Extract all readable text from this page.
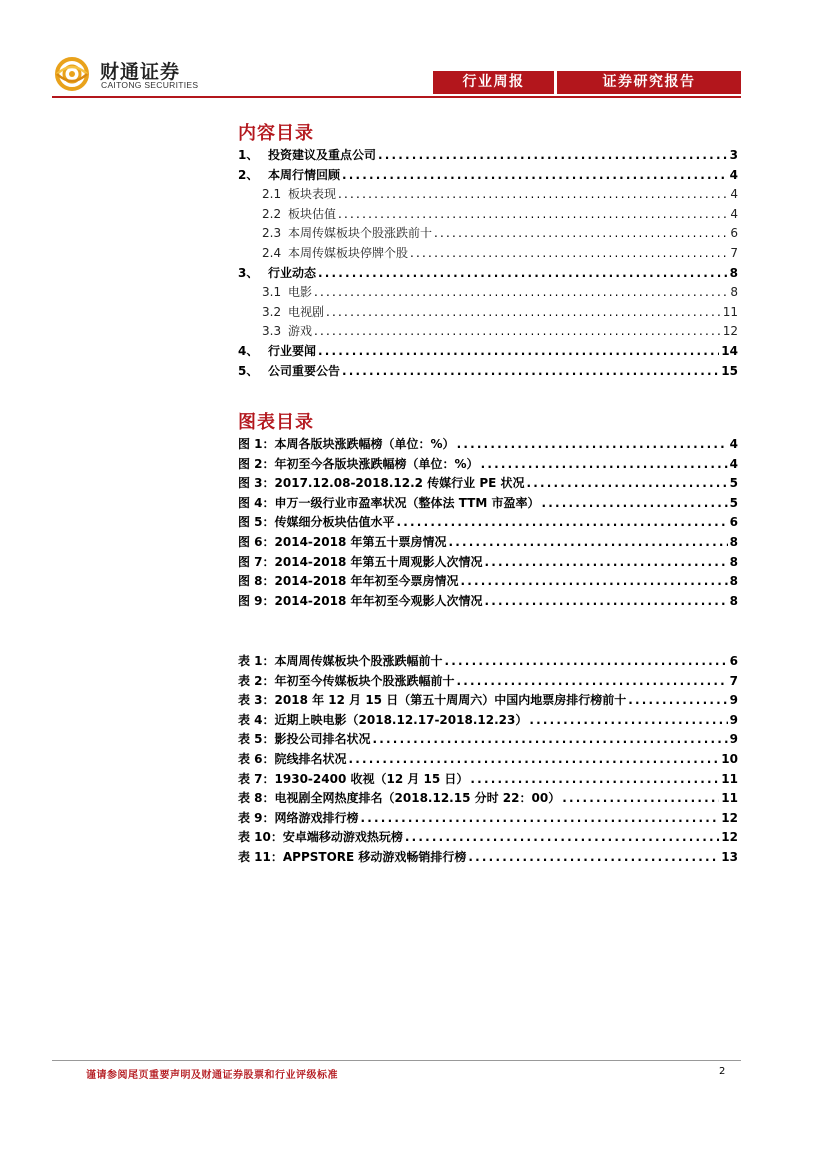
财通证券
CAITONG SECURITIES	行业周报	证券研究报告
内容目录
1、 投资建议及重点公司 .....	3
2、 本周行情回顾 .....	4
2.1 板块表现 .....	4
2.2 板块估值 .....	4
2.3 本周传媒板块个股涨跌前十 .....	6
2.4 本周传媒板块停牌个股 .....	7
3、 行业动态 .....	8
3.1 电影 .....	8
3.2 电视剧 .....	11
3.3 游戏 .....	12
4、 行业要闻 .....	14
5、 公司重要公告 .....	15
图表目录
图 1：本周各版块涨跌幅榜（单位：%） .....	4
图 2：年初至今各版块涨跌幅榜（单位：%） .....	4
图 3：2017.12.08-2018.12.2 传媒行业 PE 状况 .....	5
图 4：申万一级行业市盈率状况（整体法 TTM 市盈率） .....	5
图 5：传媒细分板块估值水平 .....	6
图 6：2014-2018 年第五十票房情况 .....	8
图 7：2014-2018 年第五十周观影人次情况 .....	8
图 8：2014-2018 年年初至今票房情况 .....	8
图 9：2014-2018 年年初至今观影人次情况 .....	8
表 1：本周周传媒板块个股涨跌幅前十 .....	6
表 2：年初至今传媒板块个股涨跌幅前十 .....	7
表 3：2018 年 12 月 15 日（第五十周周六）中国内地票房排行榜前十 .....	9
表 4：近期上映电影（2018.12.17-2018.12.23） .....	9
表 5：影投公司排名状况 .....	9
表 6：院线排名状况 .....	10
表 7：1930-2400 收视（12 月 15 日） .....	11
表 8：电视剧全网热度排名（2018.12.15 分时 22：00） .....	11
表 9：网络游戏排行榜 .....	12
表 10：安卓端移动游戏热玩榜 .....	12
表 11：APPSTORE 移动游戏畅销排行榜 .....	13
谨请参阅尾页重要声明及财通证券股票和行业评级标准	2
